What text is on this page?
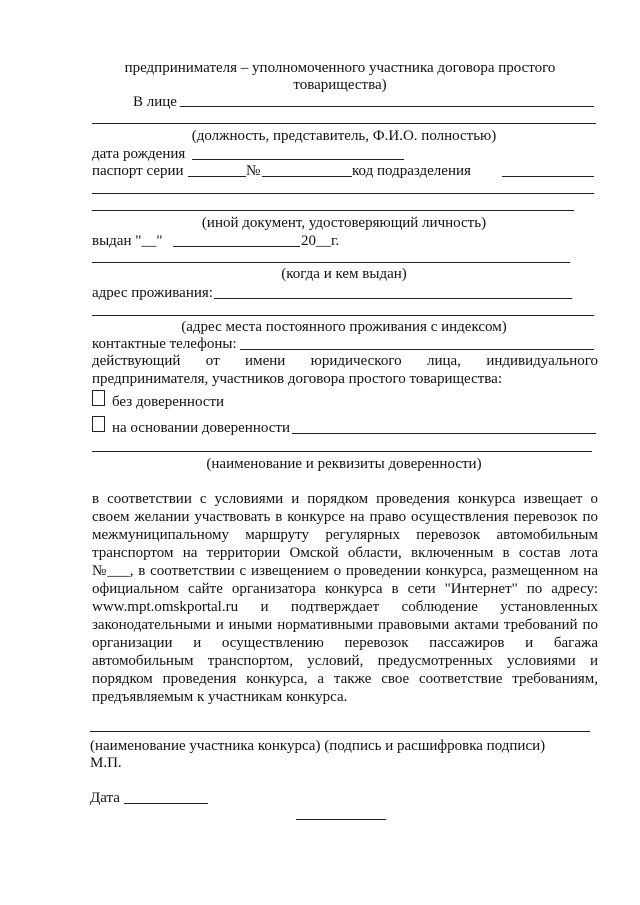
предпринимателя – уполномоченного участника договора простого
товарищества)
В лице
(должность, представитель, Ф.И.О. полностью)
дата рождения
паспорт серии	№	код подразделения
(иной документ, удостоверяющий личность)
выдан "__"	20__г.
(когда и кем выдан)
адрес проживания:
(адрес места постоянного проживания с индексом)
контактные телефоны:
действующий от имени юридического лица, индивидуального
предпринимателя, участников договора простого товарищества:
без доверенности
на основании доверенности
(наименование и реквизиты доверенности)
в соответствии с условиями и порядком проведения конкурса извещает о
своем желании участвовать в конкурсе на право осуществления перевозок по
межмуниципальному маршруту регулярных перевозок автомобильным
транспортом на территории Омской области, включенным в состав лота
№___, в соответствии с извещением о проведении конкурса, размещенном на
официальном сайте организатора конкурса в сети "Интернет" по адресу:
www.mpt.omskportal.ru и подтверждает соблюдение установленных
законодательными и иными нормативными правовыми актами требований по
организации и осуществлению перевозок пассажиров и багажа
автомобильным транспортом, условий, предусмотренных условиями и
порядком проведения конкурса, а также свое соответствие требованиям,
предъявляемым к участникам конкурса.
(наименование участника конкурса) (подпись и расшифровка подписи)
М.П.
Дата
